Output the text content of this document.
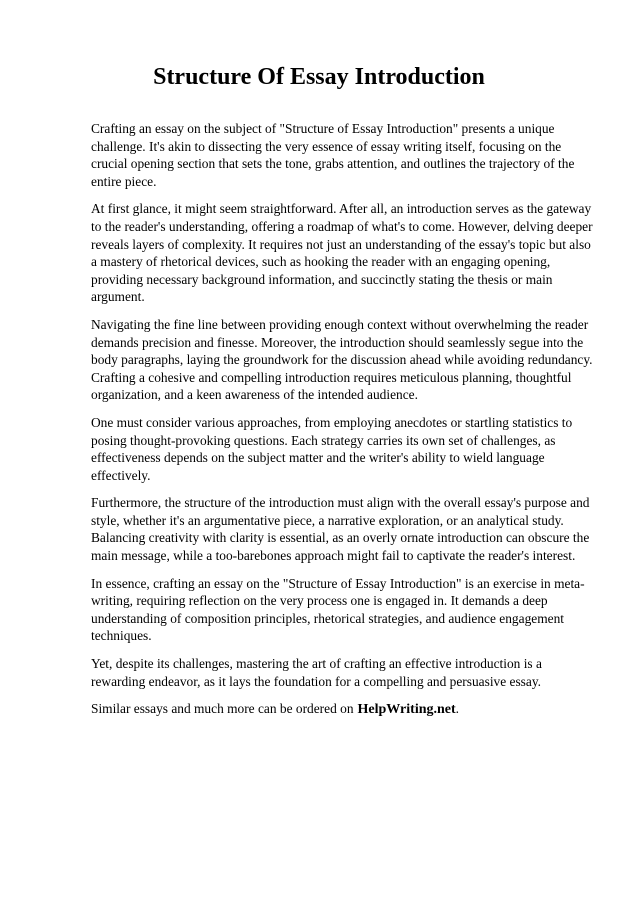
Structure Of Essay Introduction

Crafting an essay on the subject of "Structure of Essay Introduction" presents a unique challenge. It's akin to dissecting the very essence of essay writing itself, focusing on the crucial opening section that sets the tone, grabs attention, and outlines the trajectory of the entire piece.

At first glance, it might seem straightforward. After all, an introduction serves as the gateway to the reader's understanding, offering a roadmap of what's to come. However, delving deeper reveals layers of complexity. It requires not just an understanding of the essay's topic but also a mastery of rhetorical devices, such as hooking the reader with an engaging opening, providing necessary background information, and succinctly stating the thesis or main argument.

Navigating the fine line between providing enough context without overwhelming the reader demands precision and finesse. Moreover, the introduction should seamlessly segue into the body paragraphs, laying the groundwork for the discussion ahead while avoiding redundancy. Crafting a cohesive and compelling introduction requires meticulous planning, thoughtful organization, and a keen awareness of the intended audience.

One must consider various approaches, from employing anecdotes or startling statistics to posing thought-provoking questions. Each strategy carries its own set of challenges, as effectiveness depends on the subject matter and the writer's ability to wield language effectively.

Furthermore, the structure of the introduction must align with the overall essay's purpose and style, whether it's an argumentative piece, a narrative exploration, or an analytical study. Balancing creativity with clarity is essential, as an overly ornate introduction can obscure the main message, while a too-barebones approach might fail to captivate the reader's interest.

In essence, crafting an essay on the "Structure of Essay Introduction" is an exercise in meta-writing, requiring reflection on the very process one is engaged in. It demands a deep understanding of composition principles, rhetorical strategies, and audience engagement techniques.

Yet, despite its challenges, mastering the art of crafting an effective introduction is a rewarding endeavor, as it lays the foundation for a compelling and persuasive essay.

Similar essays and much more can be ordered on HelpWriting.net.
